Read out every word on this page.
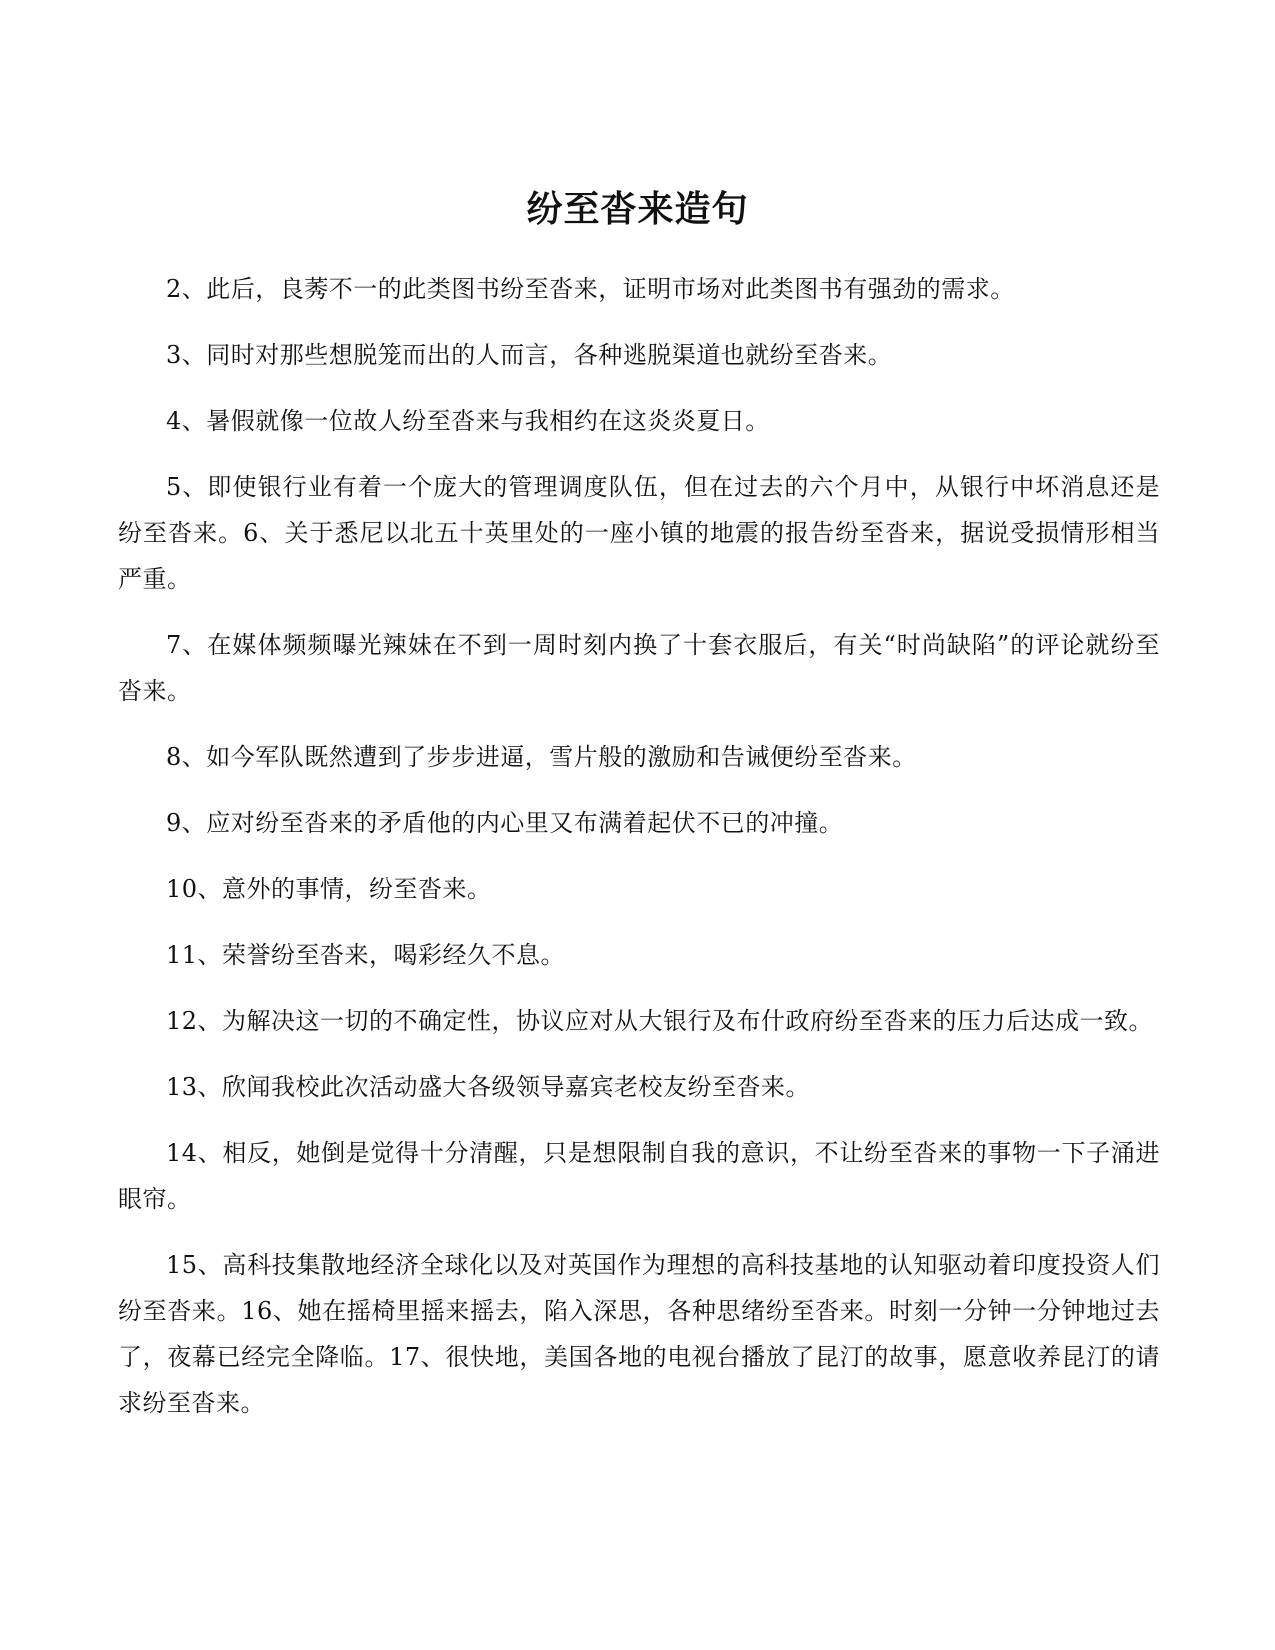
纷至沓来造句

2、此后，良莠不一的此类图书纷至沓来，证明市场对此类图书有强劲的需求。

3、同时对那些想脱笼而出的人而言，各种逃脱渠道也就纷至沓来。

4、暑假就像一位故人纷至沓来与我相约在这炎炎夏日。

5、即使银行业有着一个庞大的管理调度队伍，但在过去的六个月中，从银行中坏消息还是纷至沓来。6、关于悉尼以北五十英里处的一座小镇的地震的报告纷至沓来，据说受损情形相当严重。

7、在媒体频频曝光辣妹在不到一周时刻内换了十套衣服后，有关“时尚缺陷”的评论就纷至沓来。

8、如今军队既然遭到了步步进逼，雪片般的激励和告诫便纷至沓来。

9、应对纷至沓来的矛盾他的内心里又布满着起伏不已的冲撞。

10、意外的事情，纷至沓来。

11、荣誉纷至沓来，喝彩经久不息。

12、为解决这一切的不确定性，协议应对从大银行及布什政府纷至沓来的压力后达成一致。

13、欣闻我校此次活动盛大各级领导嘉宾老校友纷至沓来。

14、相反，她倒是觉得十分清醒，只是想限制自我的意识，不让纷至沓来的事物一下子涌进眼帘。

15、高科技集散地经济全球化以及对英国作为理想的高科技基地的认知驱动着印度投资人们纷至沓来。16、她在摇椅里摇来摇去，陷入深思，各种思绪纷至沓来。时刻一分钟一分钟地过去了，夜幕已经完全降临。17、很快地，美国各地的电视台播放了昆汀的故事，愿意收养昆汀的请求纷至沓来。
